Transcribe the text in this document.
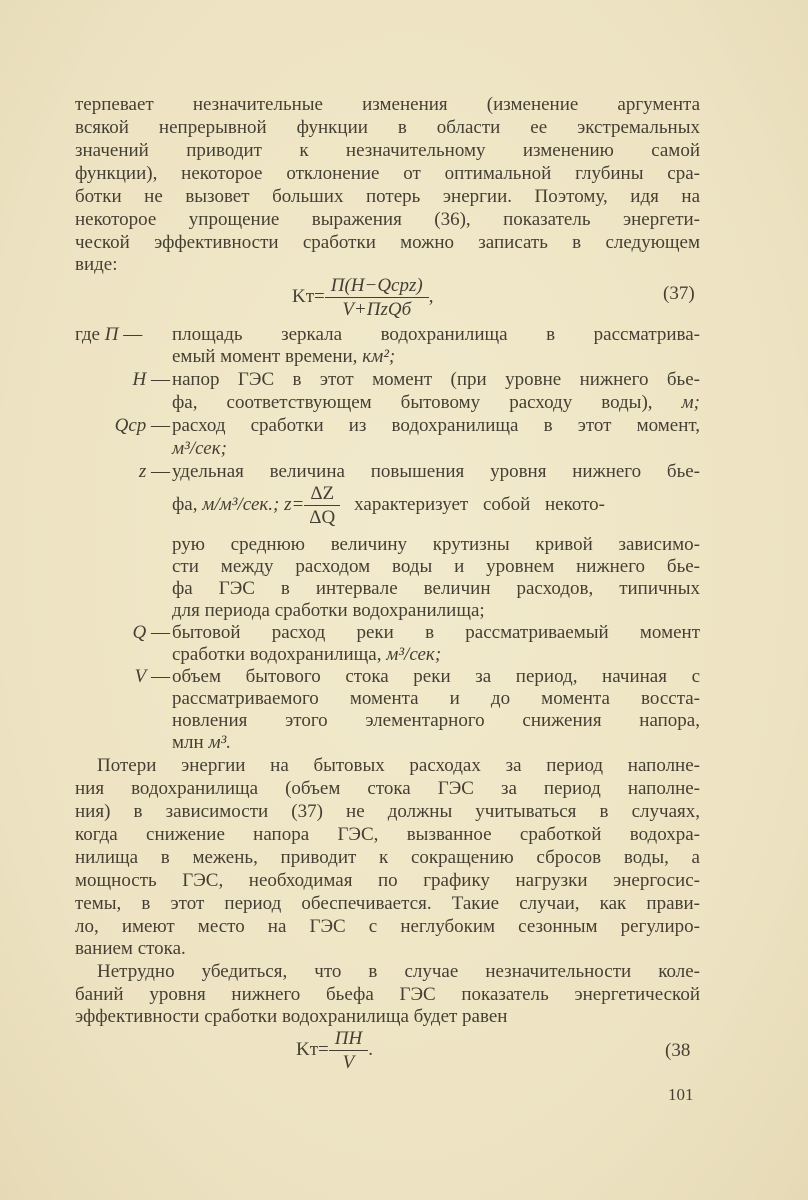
терпевает незначительные изменения (изменение аргумента
всякой непрерывной функции в области ее экстремальных
значений приводит к незначительному изменению самой
функции), некоторое отклонение от оптимальной глубины сра-
ботки не вызовет больших потерь энергии. Поэтому, идя на
некоторое упрощение выражения (36), показатель энергети-
ческой эффективности сработки можно записать в следующем
виде:
$Kт= \frac{\text{П(H−Qcpz)}}{\text{V+ПzQб}}$ ,	(37)
где П — площадь зеркала водохранилища в рассматрива-
емый момент времени, км²;
H — напор ГЭС в этот момент (при уровне нижнего бье-
фа, соответствующем бытовому расходу воды), м;
Qcp — расход сработки из водохранилища в этот момент,
м³/сек;
z — удельная величина повышения уровня нижнего бье-
фа, м/м³/сек.; $z= \frac{\Delta Z}{\Delta Q}$ характеризует собой некото-
рую среднюю величину крутизны кривой зависимо-
сти между расходом воды и уровнем нижнего бье-
фа ГЭС в интервале величин расходов, типичных
для периода сработки водохранилища;
Q — бытовой расход реки в рассматриваемый момент
сработки водохранилища, м³/сек;
V — объем бытового стока реки за период, начиная с
рассматриваемого момента и до момента восста-
новления этого элементарного снижения напора,
млн м³.
Потери энергии на бытовых расходах за период наполне-
ния водохранилища (объем стока ГЭС за период наполне-
ния) в зависимости (37) не должны учитываться в случаях,
когда снижение напора ГЭС, вызванное сработкой водохра-
нилища в межень, приводит к сокращению сбросов воды, а
мощность ГЭС, необходимая по графику нагрузки энергосис-
темы, в этот период обеспечивается. Такие случаи, как прави-
ло, имеют место на ГЭС с неглубоким сезонным регулиро-
ванием стока.
Нетрудно убедиться, что в случае незначительности коле-
баний уровня нижнего бьефа ГЭС показатель энергетической
эффективности сработки водохранилища будет равен
$Kт= \frac{ПH}{V}$ .	(38
101
